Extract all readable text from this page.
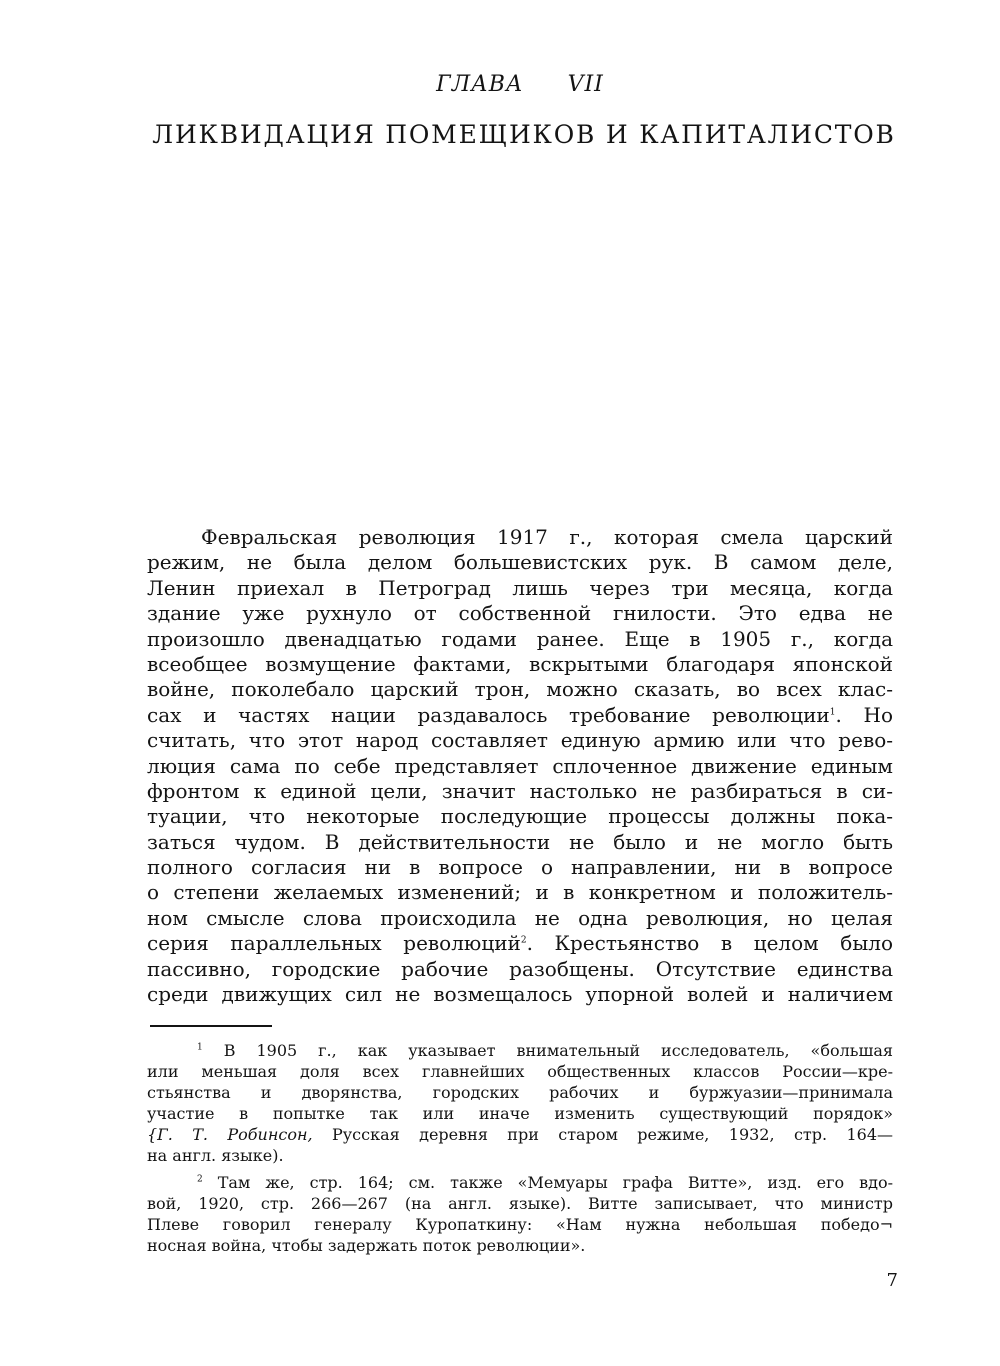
ГЛАВА VII
ЛИКВИДАЦИЯ ПОМЕЩИКОВ И КАПИТАЛИСТОВ
Февральская революция 1917 г., которая смела царский
режим, не была делом большевистских рук. В самом деле,
Ленин приехал в Петроград лишь через три месяца, когда
здание уже рухнуло от собственной гнилости. Это едва не
произошло двенадцатью годами ранее. Еще в 1905 г., когда
всеобщее возмущение фактами, вскрытыми благодаря японской
войне, поколебало царский трон, можно сказать, во всех клас-
сах и частях нации раздавалось требование революции$^1$. Но
считать, что этот народ составляет единую армию или что рево-
люция сама по себе представляет сплоченное движение единым
фронтом к единой цели, значит настолько не разбираться в си-
туации, что некоторые последующие процессы должны пока-
заться чудом. В действительности не было и не могло быть
полного согласия ни в вопросе о направлении, ни в вопросе
о степени желаемых изменений; и в конкретном и положитель-
ном смысле слова происходила не одна революция, но целая
серия параллельных революций$^2$. Крестьянство в целом было
пассивно, городские рабочие разобщены. Отсутствие единства
среди движущих сил не возмещалось упорной волей и наличием
$^1$ В 1905 г., как указывает внимательный исследователь, «большая
или меньшая доля всех главнейших общественных классов России—кре-
стьянства и дворянства, городских рабочих и буржуазии—принимала
участие в попытке так или иначе изменить существующий порядок»
{Г. Т. Робинсон, Русская деревня при старом режиме, 1932, стр. 164—
на англ. языке).
$^2$ Там же, стр. 164; см. также «Мемуары графа Витте», изд. его вдо-
вой, 1920, стр. 266—267 (на англ. языке). Витте записывает, что министр
Плеве говорил генералу Куропаткину: «Нам нужна небольшая победо¬
носная война, чтобы задержать поток революции».
7
